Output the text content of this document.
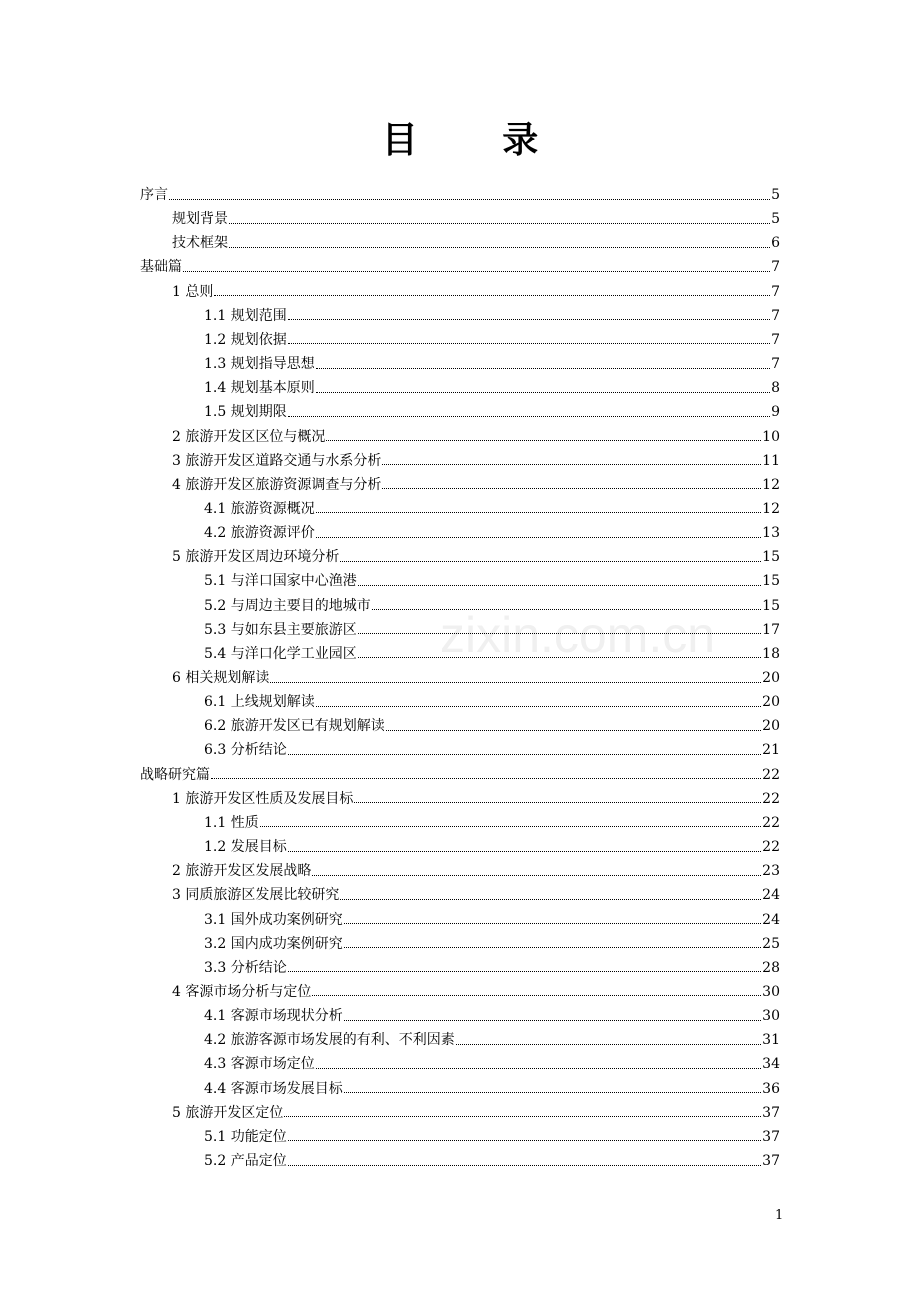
目 录
zixin.com.cn
序言	5
规划背景	5
技术框架	6
基础篇	7
1 总则	7
1.1 规划范围	7
1.2 规划依据	7
1.3 规划指导思想	7
1.4 规划基本原则	8
1.5 规划期限	9
2 旅游开发区区位与概况	10
3 旅游开发区道路交通与水系分析	11
4 旅游开发区旅游资源调查与分析	12
4.1 旅游资源概况	12
4.2 旅游资源评价	13
5 旅游开发区周边环境分析	15
5.1 与洋口国家中心渔港	15
5.2 与周边主要目的地城市	15
5.3 与如东县主要旅游区	17
5.4 与洋口化学工业园区	18
6 相关规划解读	20
6.1 上线规划解读	20
6.2 旅游开发区已有规划解读	20
6.3 分析结论	21
战略研究篇	22
1 旅游开发区性质及发展目标	22
1.1 性质	22
1.2 发展目标	22
2 旅游开发区发展战略	23
3 同质旅游区发展比较研究	24
3.1 国外成功案例研究	24
3.2 国内成功案例研究	25
3.3 分析结论	28
4 客源市场分析与定位	30
4.1 客源市场现状分析	30
4.2 旅游客源市场发展的有利、不利因素	31
4.3 客源市场定位	34
4.4 客源市场发展目标	36
5 旅游开发区定位	37
5.1 功能定位	37
5.2 产品定位	37
1
